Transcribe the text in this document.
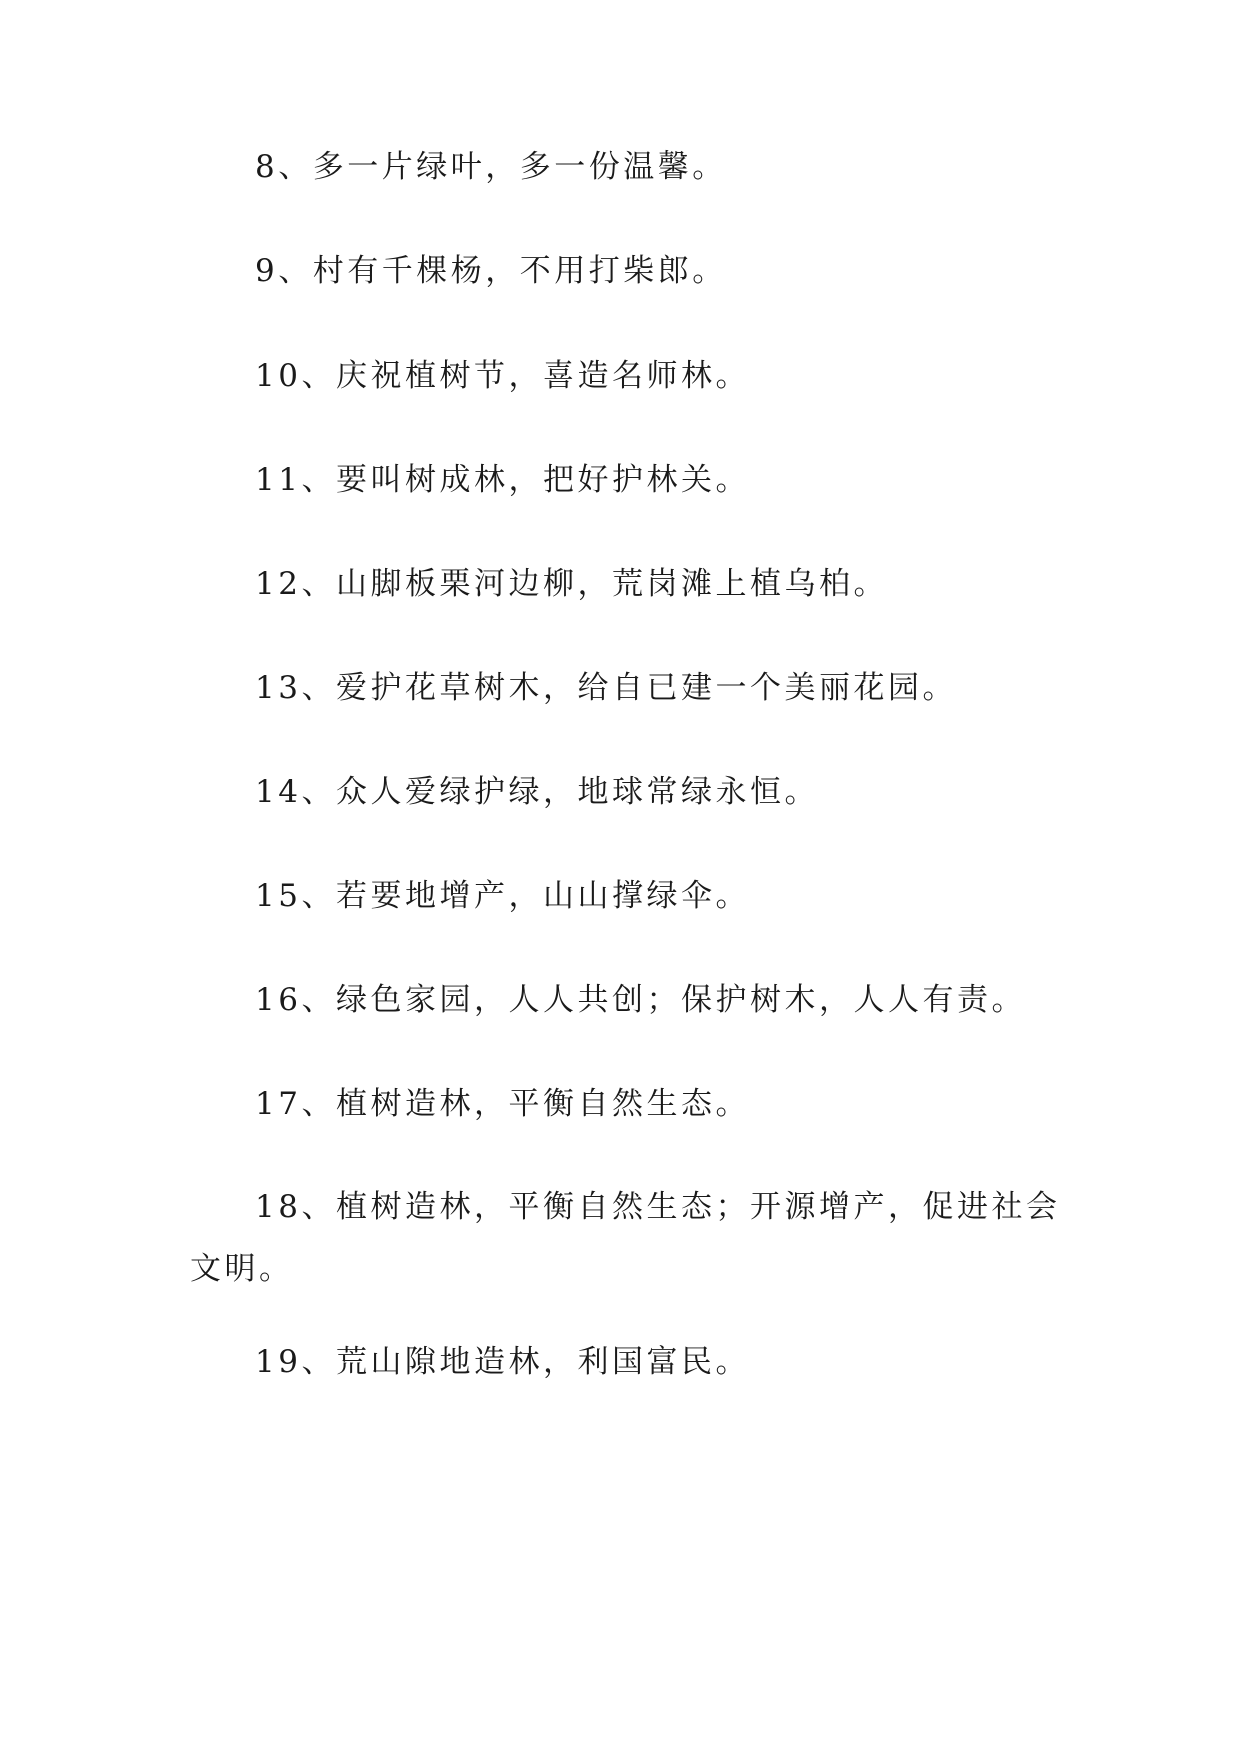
8、多一片绿叶，多一份温馨。
9、村有千棵杨，不用打柴郎。
10、庆祝植树节，喜造名师林。
11、要叫树成林，把好护林关。
12、山脚板栗河边柳，荒岗滩上植乌柏。
13、爱护花草树木，给自已建一个美丽花园。
14、众人爱绿护绿，地球常绿永恒。
15、若要地增产，山山撑绿伞。
16、绿色家园，人人共创；保护树木，人人有责。
17、植树造林，平衡自然生态。
18、植树造林，平衡自然生态；开源增产，促进社会文明。
19、荒山隙地造林，利国富民。
